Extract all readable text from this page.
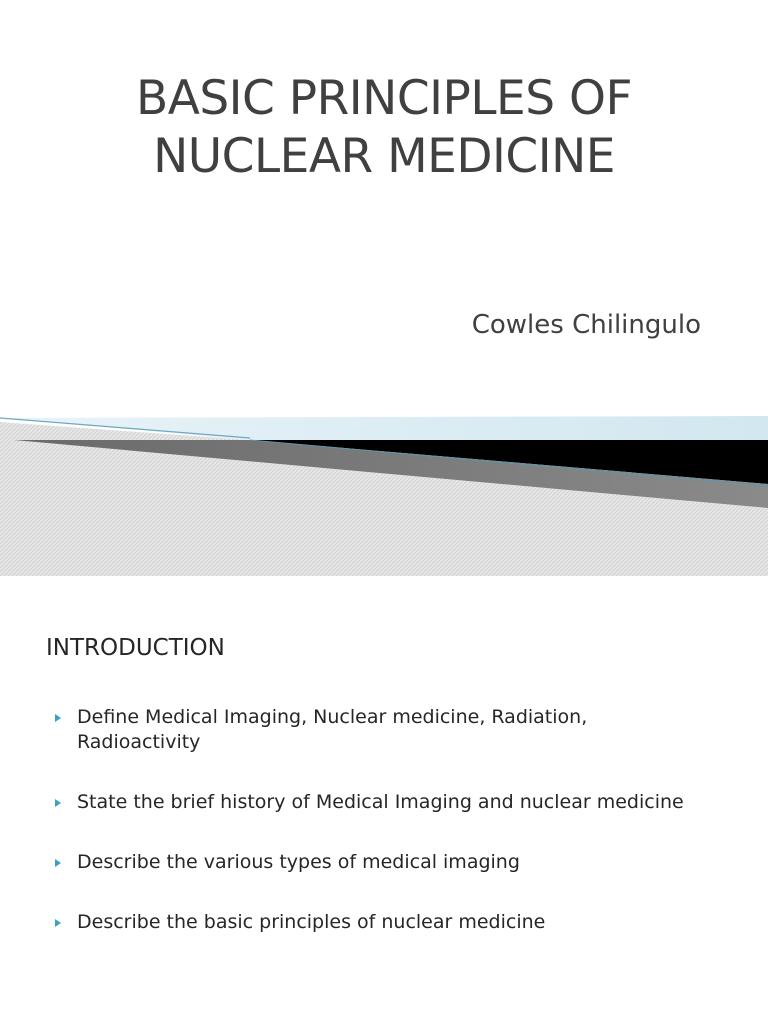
BASIC PRINCIPLES OF
NUCLEAR MEDICINE
Cowles Chilingulo
INTRODUCTION
Define Medical Imaging, Nuclear medicine, Radiation, Radioactivity
State the brief history of Medical Imaging and nuclear medicine
Describe the various types of medical imaging
Describe the basic principles of nuclear medicine
